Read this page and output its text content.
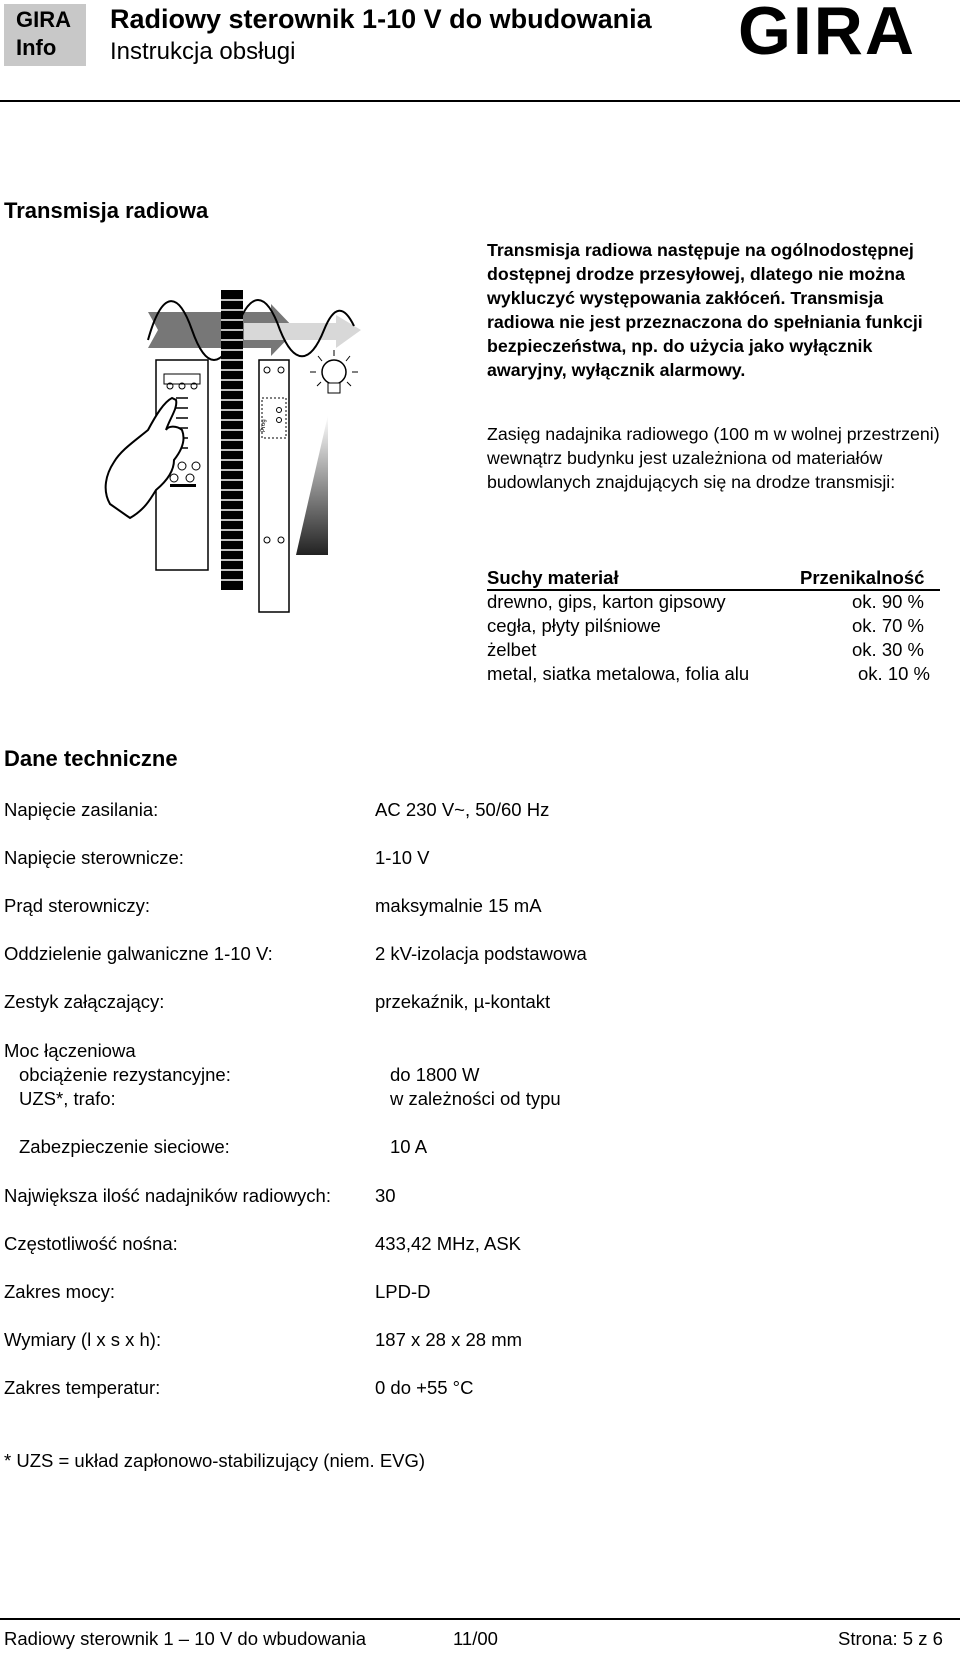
GIRA
Info
Radiowy sterownik 1-10 V do wbudowania
Instrukcja obsługi	GIRA
Transmisja radiowa
Prog
Transmisja radiowa następuje na ogólnodostępnej dostępnej drodze przesyłowej, dlatego nie można wykluczyć występowania zakłóceń. Transmisja radiowa nie jest przeznaczona do spełniania funkcji bezpieczeństwa, np. do użycia jako wyłącznik awaryjny, wyłącznik alarmowy.
Zasięg nadajnika radiowego (100 m w wolnej przestrzeni) wewnątrz budynku jest uzależniona od materiałów budowlanych znajdujących się na drodze transmisji:
Suchy materiał	Przenikalność
drewno, gips, karton gipsowy	ok. 90 %
cegła, płyty pilśniowe	ok. 70 %
żelbet	ok. 30 %
metal, siatka metalowa, folia alu	ok. 10 %
Dane techniczne
Napięcie zasilania:	AC 230 V~, 50/60 Hz
Napięcie sterownicze:	1-10 V
Prąd sterowniczy:	maksymalnie 15 mA
Oddzielenie galwaniczne 1-10 V:	2 kV-izolacja podstawowa
Zestyk załączający:	przekaźnik, µ-kontakt
Moc łączeniowa
obciążenie rezystancyjne:	do 1800 W
UZS*, trafo:	w zależności od typu
Zabezpieczenie sieciowe:	10 A
Największa ilość nadajników radiowych: 30
Częstotliwość nośna:	433,42 MHz, ASK
Zakres mocy:	LPD-D
Wymiary (l x s x h):	187 x 28 x 28 mm
Zakres temperatur:	0 do +55 °C
* UZS = układ zapłonowo-stabilizujący (niem. EVG)
Radiowy sterownik 1 – 10 V do wbudowania	11/00	Strona: 5 z 6
